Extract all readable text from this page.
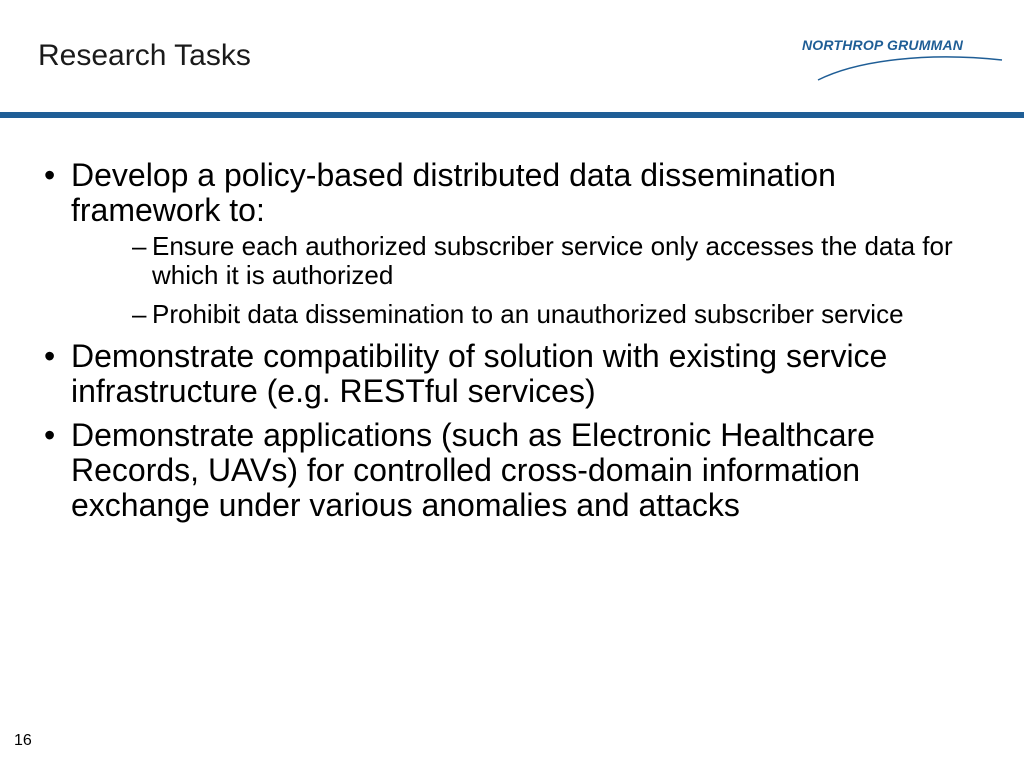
Research Tasks	NORTHROP GRUMMAN
• Develop a policy-based distributed data dissemination framework to:
– Ensure each authorized subscriber service only accesses the data for which it is authorized
– Prohibit data dissemination to an unauthorized subscriber service
• Demonstrate compatibility of solution with existing service infrastructure (e.g. RESTful services)
• Demonstrate applications (such as Electronic Healthcare Records, UAVs) for controlled cross-domain information exchange under various anomalies and attacks
16
